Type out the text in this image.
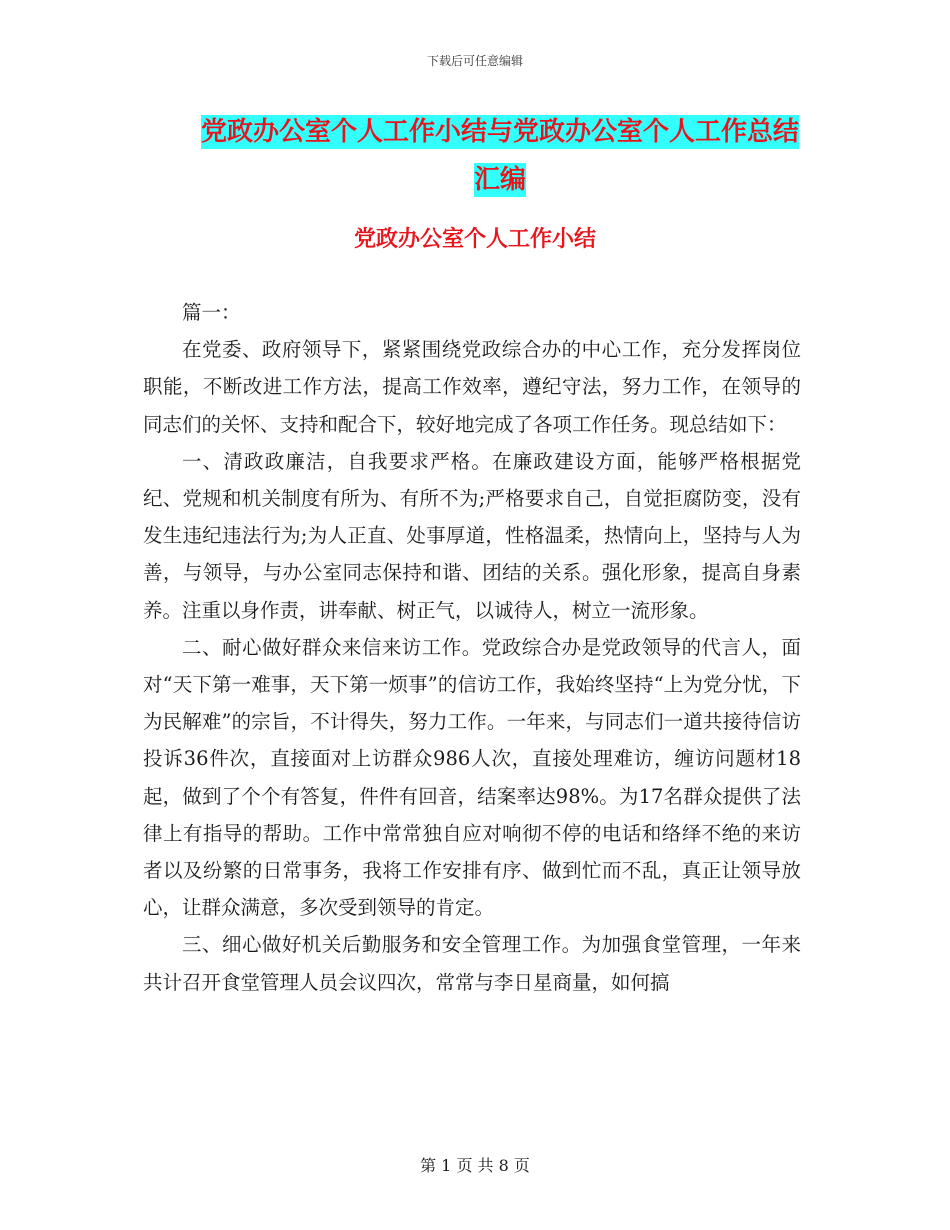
下载后可任意编辑
党政办公室个人工作小结与党政办公室个人工作总结
汇编
党政办公室个人工作小结

篇一：

在党委、政府领导下，紧紧围绕党政综合办的中心工作，充分发挥岗位职能，不断改进工作方法，提高工作效率，遵纪守法，努力工作，在领导的同志们的关怀、支持和配合下，较好地完成了各项工作任务。现总结如下：

一、清政政廉洁，自我要求严格。在廉政建设方面，能够严格根据党纪、党规和机关制度有所为、有所不为;严格要求自己，自觉拒腐防变，没有发生违纪违法行为;为人正直、处事厚道，性格温柔，热情向上，坚持与人为善，与领导，与办公室同志保持和谐、团结的关系。强化形象，提高自身素养。注重以身作责，讲奉献、树正气，以诚待人，树立一流形象。

二、耐心做好群众来信来访工作。党政综合办是党政领导的代言人，面对“天下第一难事，天下第一烦事”的信访工作，我始终坚持“上为党分忧，下为民解难”的宗旨，不计得失，努力工作。一年来，与同志们一道共接待信访投诉36件次，直接面对上访群众986人次，直接处理难访，缠访问题材18起，做到了个个有答复，件件有回音，结案率达98%。为17名群众提供了法律上有指导的帮助。工作中常常独自应对响彻不停的电话和络绎不绝的来访者以及纷繁的日常事务，我将工作安排有序、做到忙而不乱，真正让领导放心，让群众满意，多次受到领导的肯定。

三、细心做好机关后勤服务和安全管理工作。为加强食堂管理，一年来共计召开食堂管理人员会议四次，常常与李日星商量，如何搞

第 1 页 共 8 页
